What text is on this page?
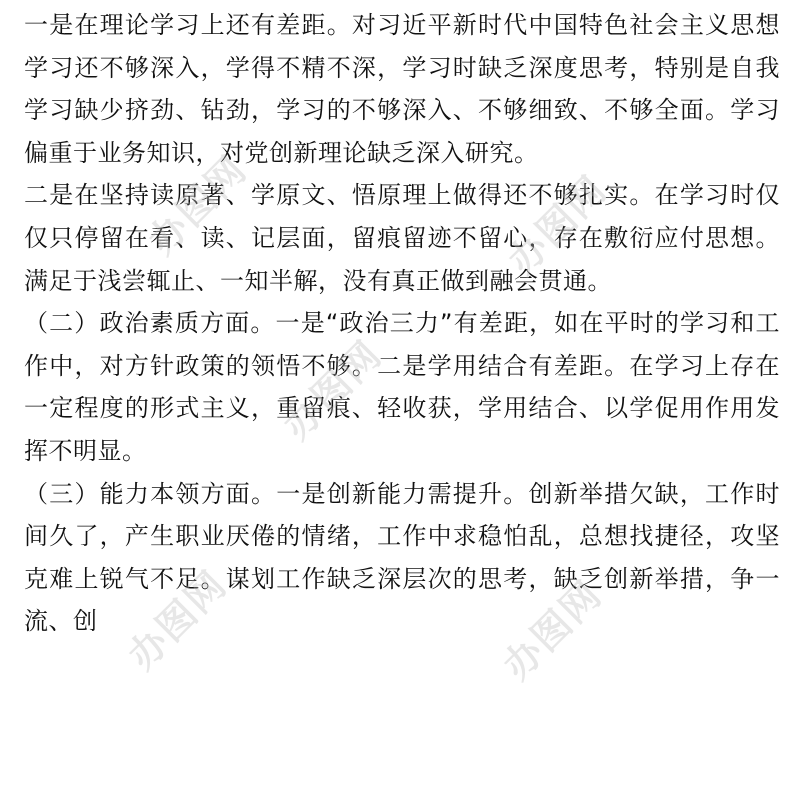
一是在理论学习上还有差距。对习近平新时代中国特色社会主义思想学习还不够深入，学得不精不深，学习时缺乏深度思考，特别是自我学习缺少挤劲、钻劲，学习的不够深入、不够细致、不够全面。学习偏重于业务知识，对党创新理论缺乏深入研究。

二是在坚持读原著、学原文、悟原理上做得还不够扎实。在学习时仅仅只停留在看、读、记层面，留痕留迹不留心，存在敷衍应付思想。满足于浅尝辄止、一知半解，没有真正做到融会贯通。

（二）政治素质方面。一是“政治三力”有差距，如在平时的学习和工作中，对方针政策的领悟不够。二是学用结合有差距。在学习上存在一定程度的形式主义，重留痕、轻收获，学用结合、以学促用作用发挥不明显。

（三）能力本领方面。一是创新能力需提升。创新举措欠缺，工作时间久了，产生职业厌倦的情绪，工作中求稳怕乱，总想找捷径，攻坚克难上锐气不足。谋划工作缺乏深层次的思考，缺乏创新举措，争一流、创

办图网	办图网
办图网
办图网	办图网
